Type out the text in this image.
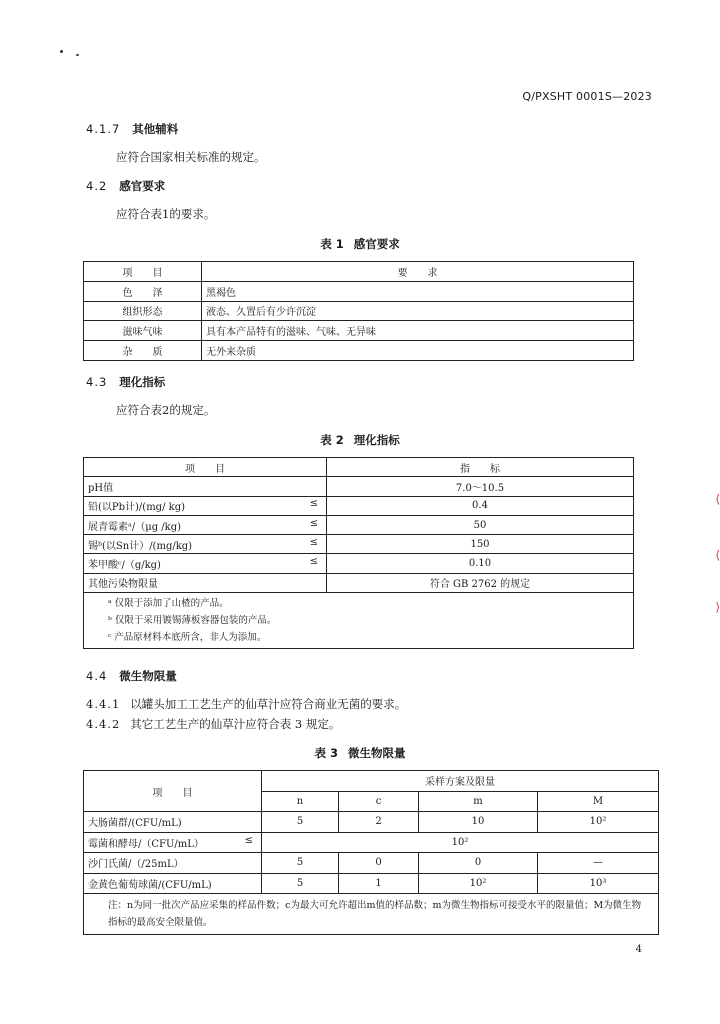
Q/PXSHT 0001S—2023
4.1.7 其他辅料
应符合国家相关标准的规定。
4.2 感官要求
应符合表1的要求。
表 1 感官要求
项　　目	要　　求
色　　泽	黑褐色
组织形态	液态、久置后有少许沉淀
滋味气味	具有本产品特有的滋味、气味、无异味
杂　　质	无外来杂质
4.3 理化指标
应符合表2的规定。
表 2 理化指标
项　　目	指　　标
pH值	7.0～10.5
铅(以Pb计)/(mg/ kg) ≤	0.4
展青霉素ᵃ/（μg /kg) ≤	50
锡ᵇ(以Sn计）/(mg/kg) ≤	150
苯甲酸ᶜ/（g/kg) ≤	0.10
其他污染物限量	符合 GB 2762 的规定

ᵃ 仅限于添加了山楂的产品。
ᵇ 仅限于采用镀锡薄板容器包装的产品。
ᶜ 产品原材料本底所含，非人为添加。	
4.4 微生物限量
4.4.1 以罐头加工工艺生产的仙草汁应符合商业无菌的要求。
4.4.2 其它工艺生产的仙草汁应符合表 3 规定。
表 3 微生物限量
项　　目	采样方案及限量			
	n	c	m	M
大肠菌群/(CFU/mL)	5	2	10	10²
霉菌和酵母/（CFU/mL） ≤	10²			
沙门氏菌/（/25mL）	5	0	0	—
金黄色葡萄球菌/(CFU/mL)	5	1	10²	10³
注：n为同一批次产品应采集的样品件数；c为最大可允许超出m值的样品数；m为微生物指标可接受水平的限量值；M为微生物指标的最高安全限量值。				
4
⟨
⟨
⟩
